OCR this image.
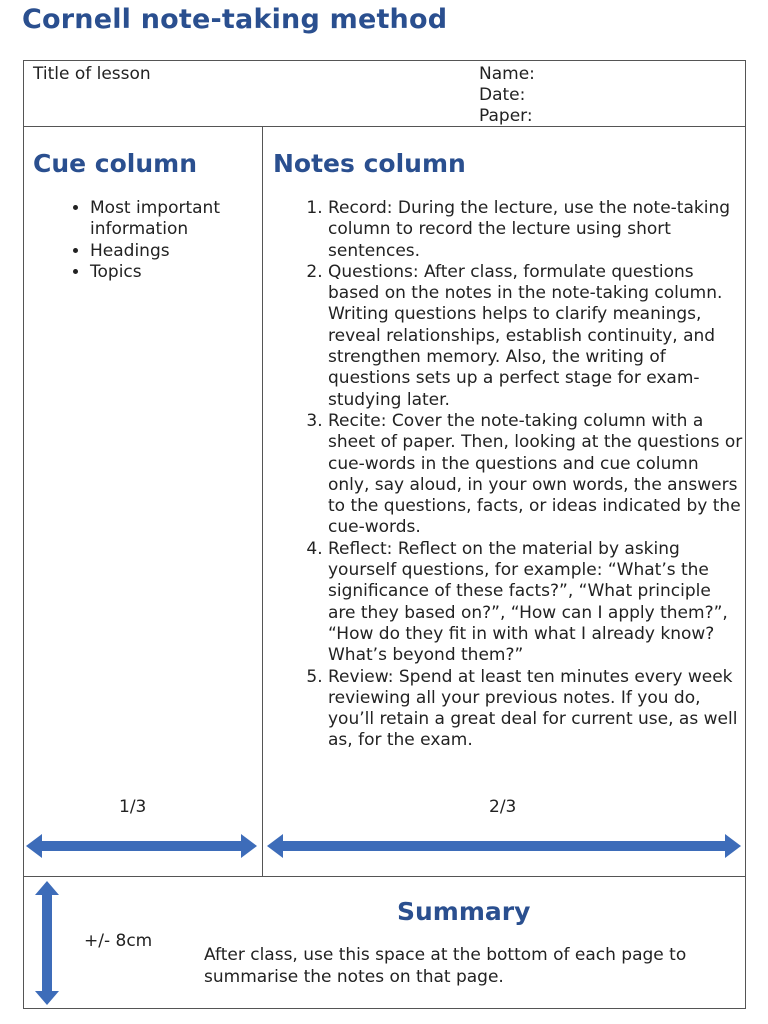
Cornell note-taking method
Title of lesson	Name:
Date:
Paper:
Cue column
• Most important information
• Headings
• Topics
Notes column
1. Record: During the lecture, use the note-taking column to record the lecture using short sentences.
2. Questions: After class, formulate questions based on the notes in the note-taking column.
Writing questions helps to clarify meanings, reveal relationships, establish continuity, and strengthen memory. Also, the writing of questions sets up a perfect stage for exam-studying later.
3. Recite: Cover the note-taking column with a sheet of paper. Then, looking at the questions or cue-words in the questions and cue column only, say aloud, in your own words, the answers to the questions, facts, or ideas indicated by the cue-words.
4. Reflect: Reflect on the material by asking yourself questions, for example: “What’s the significance of these facts?”, “What principle are they based on?”, “How can I apply them?”, “How do they fit in with what I already know? What’s beyond them?”
5. Review: Spend at least ten minutes every week reviewing all your previous notes. If you do, you’ll retain a great deal for current use, as well as, for the exam.
1/3	2/3
+/- 8cm
Summary
After class, use this space at the bottom of each page to summarise the notes on that page.
